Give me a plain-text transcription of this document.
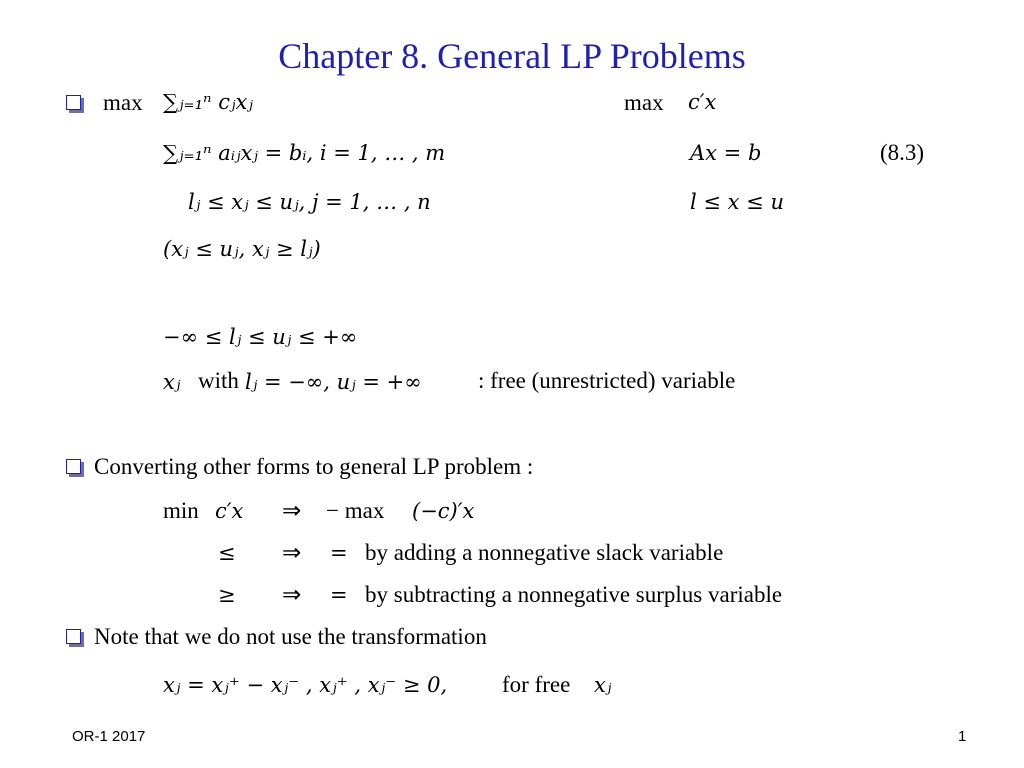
Chapter 8. General LP Problems
max ∑ⱼ₌₁ⁿ cⱼxⱼ	max c′x
∑ⱼ₌₁ⁿ aᵢⱼxⱼ = bᵢ, i = 1, … , m	Ax = b	(8.3)
lⱼ ≤ xⱼ ≤ uⱼ, j = 1, … , n	l ≤ x ≤ u
(xⱼ ≤ uⱼ, xⱼ ≥ lⱼ)
−∞ ≤ lⱼ ≤ uⱼ ≤ +∞
xⱼ with lⱼ = −∞, uⱼ = +∞ : free (unrestricted) variable
Converting other forms to general LP problem :
min c′x ⇒ − max (−c)′x
≤ ⇒ = by adding a nonnegative slack variable
≥ ⇒ = by subtracting a nonnegative surplus variable
Note that we do not use the transformation
xⱼ = xⱼ⁺ − xⱼ⁻ , xⱼ⁺ , xⱼ⁻ ≥ 0, for free xⱼ
OR-1 2017	1
